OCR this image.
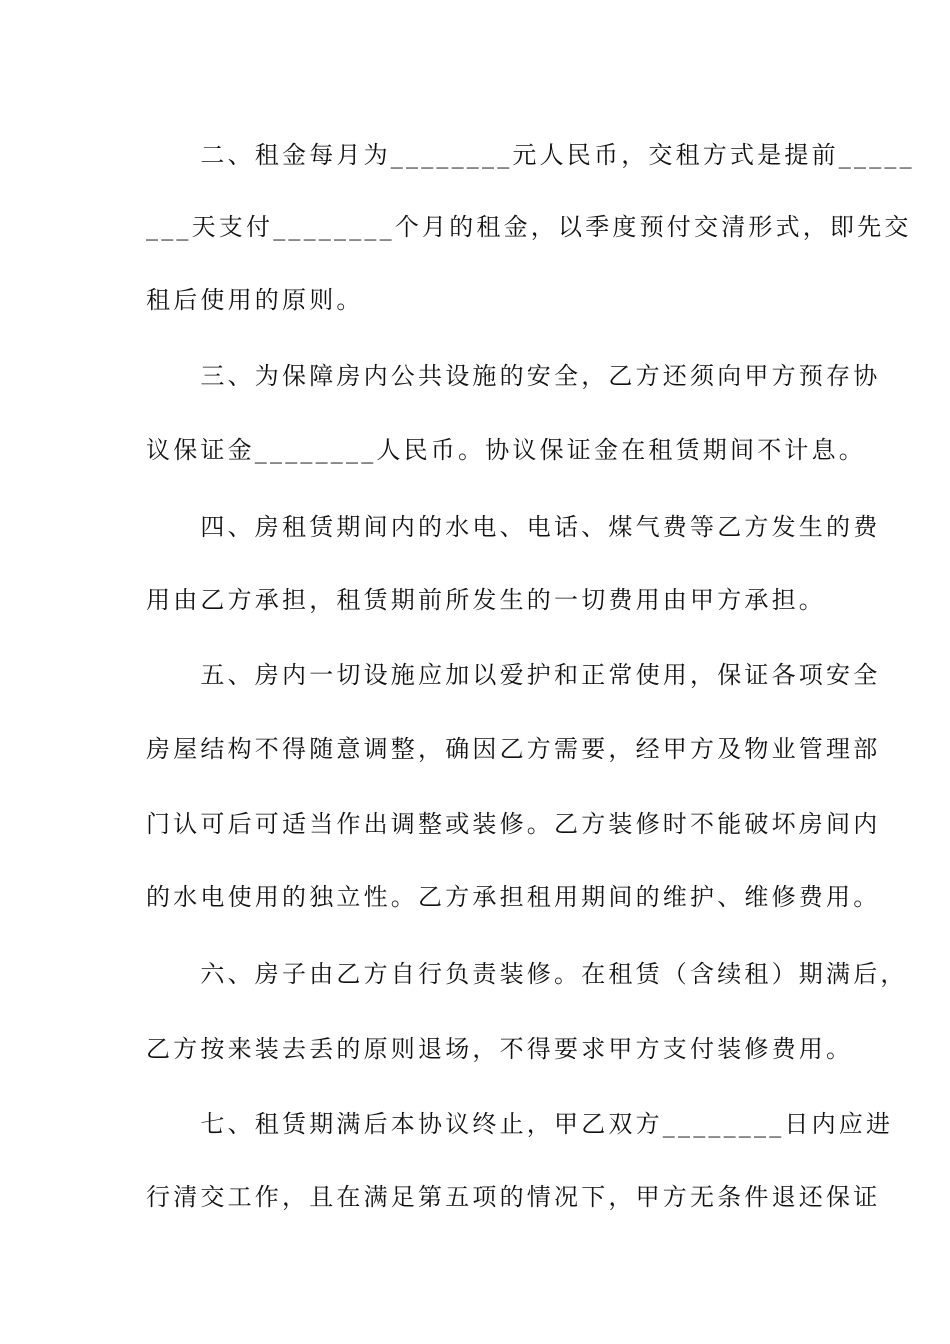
　　二、租金每月为________元人民币，交租方式是提前_____
___天支付________个月的租金，以季度预付交清形式，即先交
租后使用的原则。
　　三、为保障房内公共设施的安全，乙方还须向甲方预存协
议保证金________人民币。协议保证金在租赁期间不计息。
　　四、房租赁期间内的水电、电话、煤气费等乙方发生的费
用由乙方承担，租赁期前所发生的一切费用由甲方承担。
　　五、房内一切设施应加以爱护和正常使用，保证各项安全
房屋结构不得随意调整，确因乙方需要，经甲方及物业管理部
门认可后可适当作出调整或装修。乙方装修时不能破坏房间内
的水电使用的独立性。乙方承担租用期间的维护、维修费用。
　　六、房子由乙方自行负责装修。在租赁（含续租）期满后，
乙方按来装去丢的原则退场，不得要求甲方支付装修费用。
　　七、租赁期满后本协议终止，甲乙双方________日内应进
行清交工作，且在满足第五项的情况下，甲方无条件退还保证
